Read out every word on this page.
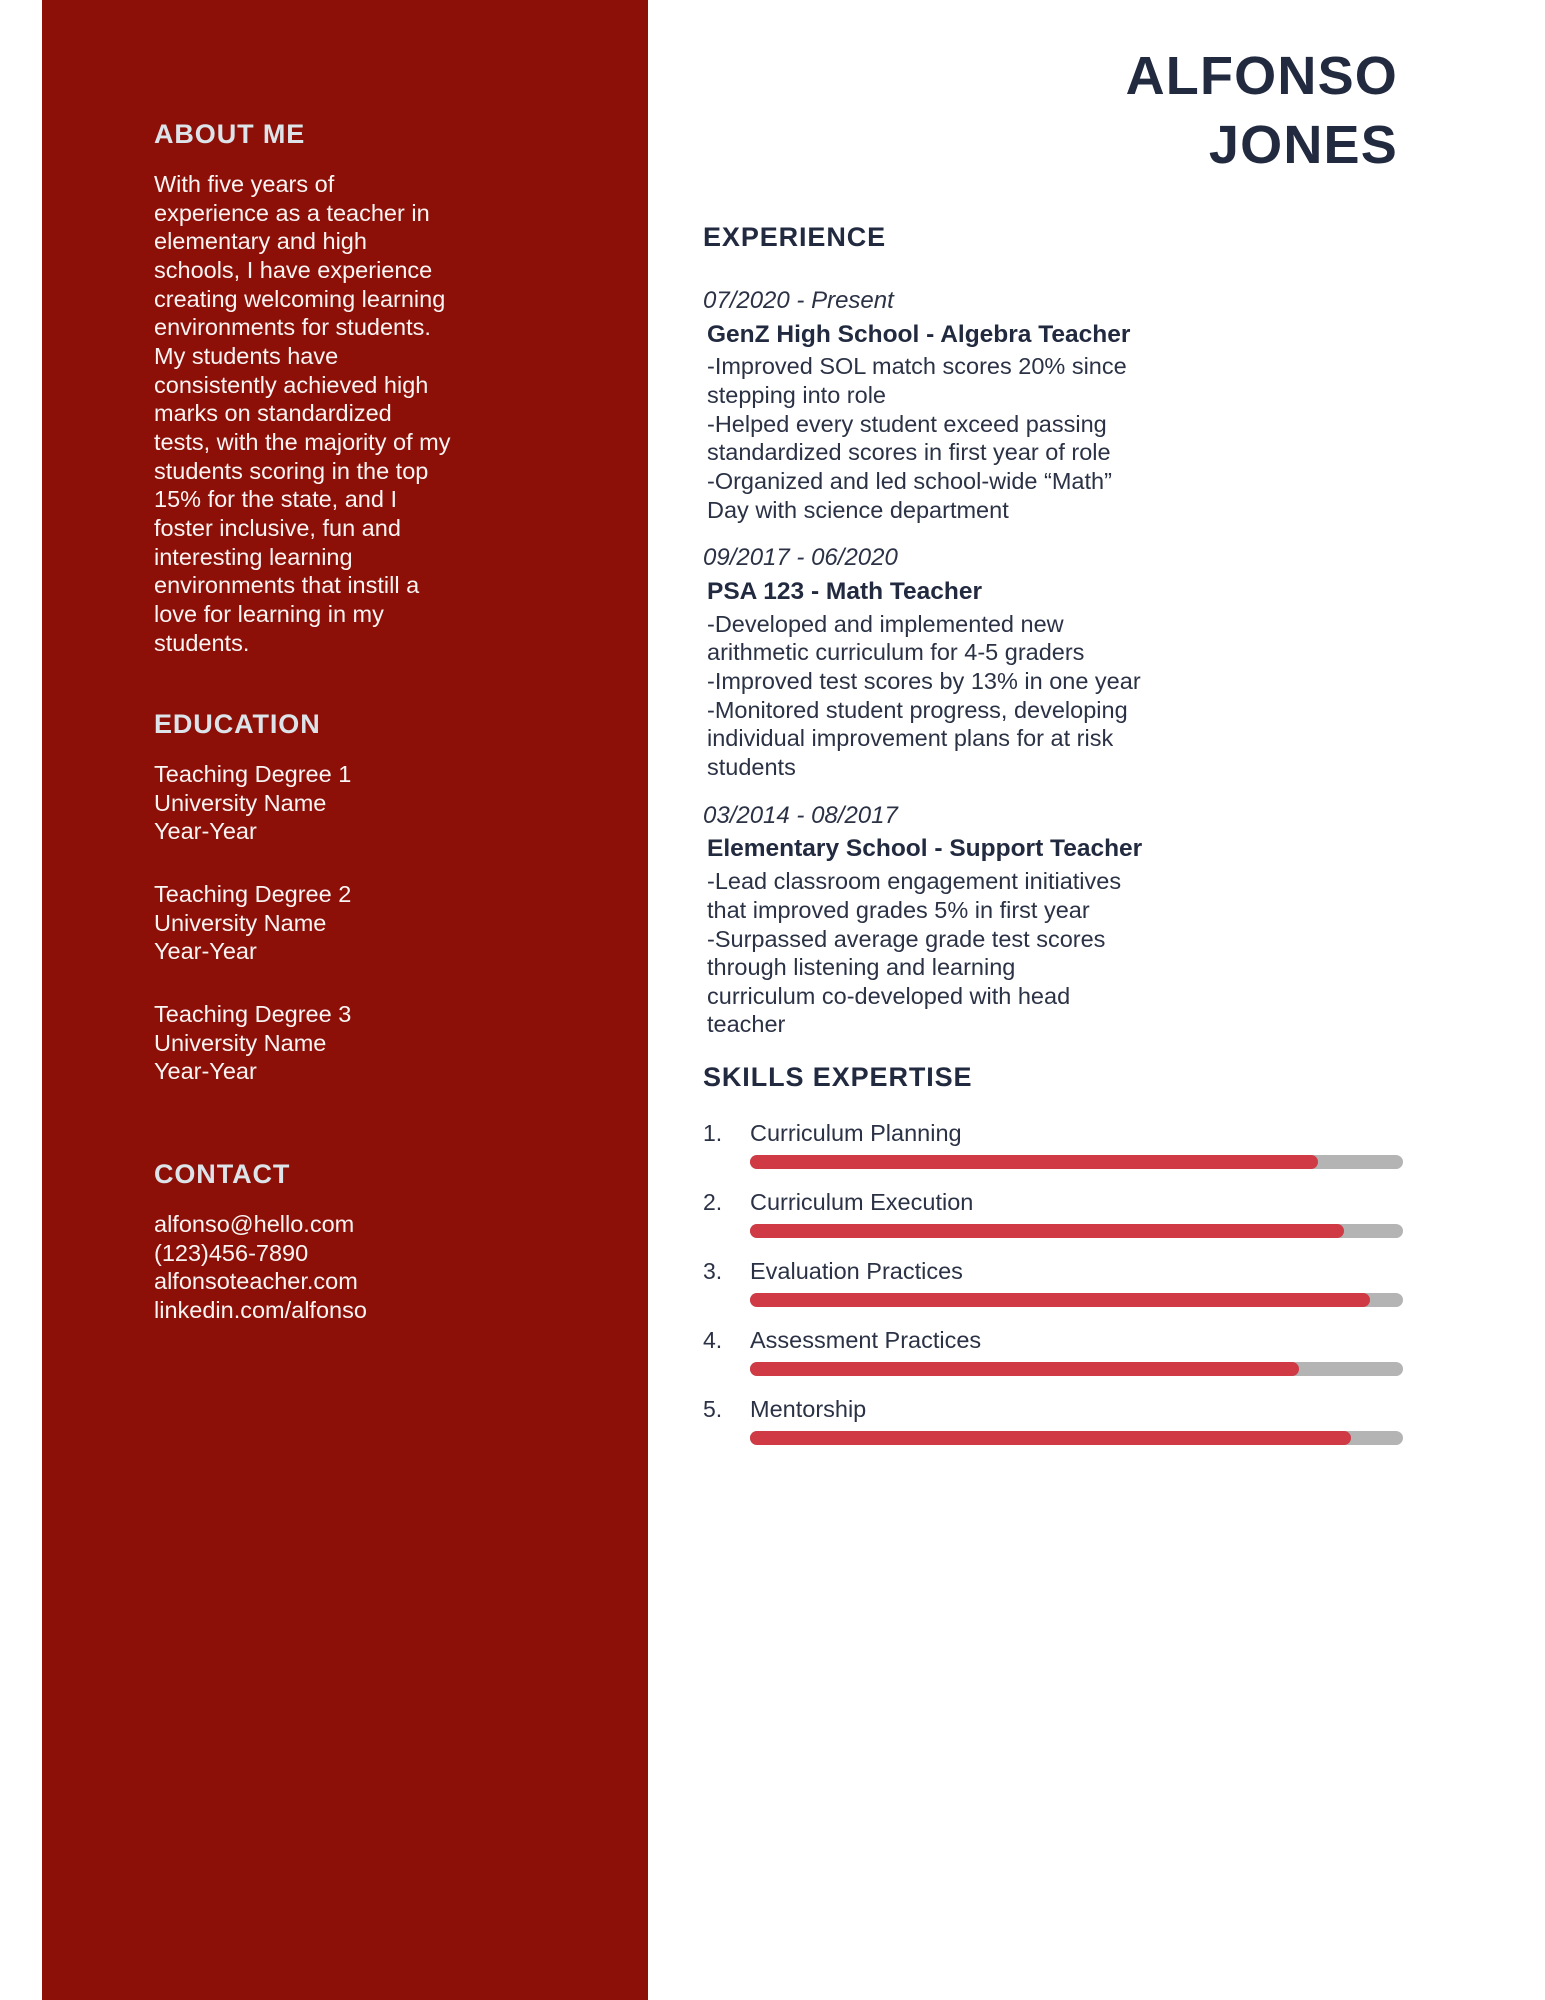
ABOUT ME
With five years of experience as a teacher in elementary and high schools, I have experience creating welcoming learning environments for students. My students have consistently achieved high marks on standardized tests, with the majority of my students scoring in the top 15% for the state, and I foster inclusive, fun and interesting learning environments that instill a love for learning in my students.
EDUCATION
Teaching Degree 1
University Name
Year-Year
Teaching Degree 2
University Name
Year-Year
Teaching Degree 3
University Name
Year-Year
CONTACT
alfonso@hello.com
(123)456-7890
alfonsoteacher.com
linkedin.com/alfonso
ALFONSO
JONES
EXPERIENCE
07/2020 - Present
GenZ High School - Algebra Teacher
-Improved SOL match scores 20% since
stepping into role
-Helped every student exceed passing
standardized scores in first year of role
-Organized and led school-wide “Math”
Day with science department
09/2017 - 06/2020
PSA 123 - Math Teacher
-Developed and implemented new
arithmetic curriculum for 4-5 graders
-Improved test scores by 13% in one year
-Monitored student progress, developing
individual improvement plans for at risk
students
03/2014 - 08/2017
Elementary School - Support Teacher
-Lead classroom engagement initiatives
that improved grades 5% in first year
-Surpassed average grade test scores
through listening and learning
curriculum co-developed with head
teacher
SKILLS EXPERTISE
1.	Curriculum Planning
2.	Curriculum Execution
3.	Evaluation Practices
4.	Assessment Practices
5.	Mentorship
